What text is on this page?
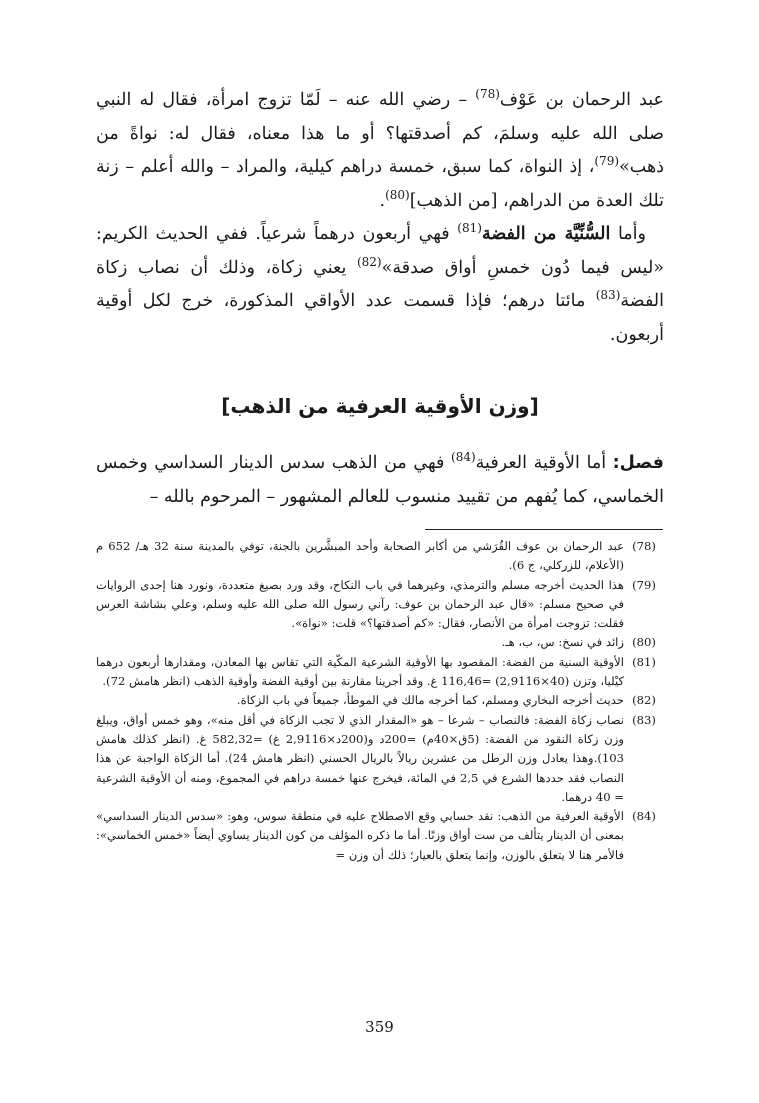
عبد الرحمان بن عَوْف$^{(78)}$ – رضي الله عنه – لَمّا تزوج امرأة، فقال له النبي صلى الله عليه وسلمَ، كم أصدقتها؟ أو ما هذا معناه، فقال له: نواةً من ذهب»$^{(79)}$، إذ النواة، كما سبق، خمسة دراهم كيلية، والمراد – والله أعلم – زنة تلك العدة من الدراهم، [من الذهب]$^{(80)}$.

وأما السُّنِّيَّة من الفضة$^{(81)}$ فهي أربعون درهماً شرعياً. ففي الحديث الكريم: «ليس فيما دُون خمسِ أواق صدقة»$^{(82)}$ يعني زكاة، وذلك أن نصاب زكاة الفضة$^{(83)}$ مائتا درهم؛ فإذا قسمت عدد الأواقي المذكورة، خرج لكل أوقية أربعون.

[وزن الأوقية العرفية من الذهب]
فصل: أما الأوقية العرفية$^{(84)}$ فهي من الذهب سدس الدينار السداسي وخمس الخماسي، كما يُفهم من تقييد منسوب للعالم المشهور – المرحوم بالله –
(78)
عبد الرحمان بن عوف القُرَشي من أكابر الصحابة وأحد المبشَّرين بالجنة، توفي بالمدينة سنة 32 هـ/ 652 م (الأعلام، للزركلي، ج 6).
(79)
هذا الحديث أخرجه مسلم والترمذي، وغيرهما في باب النكاح، وقد ورد بصيغ متعددة، ونورد هنا إحدى الروايات في صحيح مسلم: «قال عبد الرحمان بن عوف: رآني رسول الله صلى الله عليه وسلم، وعلي بشاشة العرس فقلت: تزوجت امرأة من الأنصار، فقال: «كم أصدقتها؟» قلت: «نواة».
(80)
زائد في نسخ: س، ب، هـ.
(81)
الأوقية السنية من الفضة: المقصود بها الأوقية الشرعية المكّية التي تقاس بها المعادن، ومقدارها أربعون درهما كيْليا، وتزن (40×2,9116) =116,46 غ. وقد أجرينا مقارنة بين أوقية الفضة وأوقية الذهب (انظر هامش 72).
(82)
حديث أخرجه البخاري ومسلم، كما أخرجه مالك في الموطأ، جميعاً في باب الزكاة.
(83)
نصاب زكاة الفضة: فالنصاب – شرعا – هو «المقدار الذي لا تجب الزكاة في أقل منه»، وهو خمس أواق، ويبلغ وزن زكاة النقود من الفضة: (5ق×40م) =200د و(200د×2,9116 غ) =582,32 غ. (انظر كذلك هامش 103).وهذا يعادل وزن الرطل من عشرين ريالاً بالريال الحسني (انظر هامش 24). أما الزكاة الواجبة عن هذا النصاب فقد حددها الشرع في 2,5 في المائة، فيخرج عنها خمسة دراهم في المجموع، ومنه أن الأوقية الشرعية = 40 درهما.
(84)
الأوقية العرفية من الذهب: نقد حسابي وقع الاصطلاح عليه في منطقة سوس، وهو: «سدس الدينار السداسي» بمعنى أن الدينار يتألف من ست أواق وزنًا. أما ما ذكره المؤلف من كون الدينار يساوي أيضاً «خمس الخماسي»: فالأمر هنا لا يتعلق بالوزن، وإنما يتعلق بالعيار؛ ذلك أن وزن =
359
